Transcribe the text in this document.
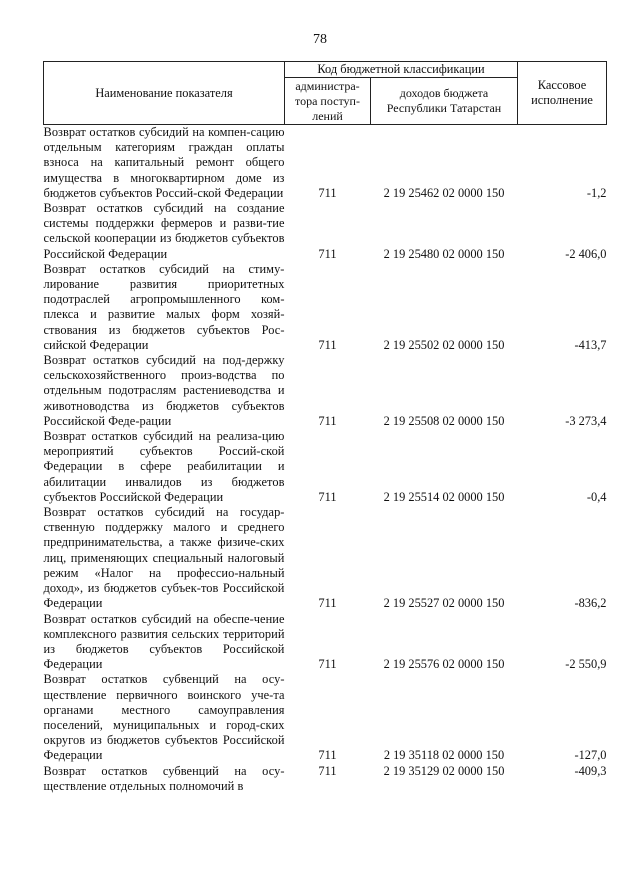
78
Наименование показателя	Код бюджетной классификации		Кассовое исполнение
	администра-тора поступ-лений	доходов бюджета Республики Татарстан	
Возврат остатков субсидий на компен-сацию отдельным категориям граждан оплаты взноса на капитальный ремонт общего имущества в многоквартирном доме из бюджетов субъектов Россий-ской Федерации	711	2 19 25462 02 0000 150	-1,2
Возврат остатков субсидий на создание системы поддержки фермеров и разви-тие сельской кооперации из бюджетов субъектов Российской Федерации	711	2 19 25480 02 0000 150	-2 406,0
Возврат остатков субсидий на стиму-лирование развития приоритетных подотраслей агропромышленного ком-плекса и развитие малых форм хозяй-ствования из бюджетов субъектов Рос-сийской Федерации	711	2 19 25502 02 0000 150	-413,7
Возврат остатков субсидий на под-держку сельскохозяйственного произ-водства по отдельным подотраслям растениеводства и животноводства из бюджетов субъектов Российской Феде-рации	711	2 19 25508 02 0000 150	-3 273,4
Возврат остатков субсидий на реализа-цию мероприятий субъектов Россий-ской Федерации в сфере реабилитации и абилитации инвалидов из бюджетов субъектов Российской Федерации	711	2 19 25514 02 0000 150	-0,4
Возврат остатков субсидий на государ-ственную поддержку малого и среднего предпринимательства, а также физиче-ских лиц, применяющих специальный налоговый режим «Налог на профессио-нальный доход», из бюджетов субъек-тов Российской Федерации	711	2 19 25527 02 0000 150	-836,2
Возврат остатков субсидий на обеспе-чение комплексного развития сельских территорий из бюджетов субъектов Российской Федерации	711	2 19 25576 02 0000 150	-2 550,9
Возврат остатков субвенций на осу-ществление первичного воинского уче-та органами местного самоуправления поселений, муниципальных и город-ских округов из бюджетов субъектов Российской Федерации	711	2 19 35118 02 0000 150	-127,0
Возврат остатков субвенций на осу-ществление отдельных полномочий в	711	2 19 35129 02 0000 150	-409,3
